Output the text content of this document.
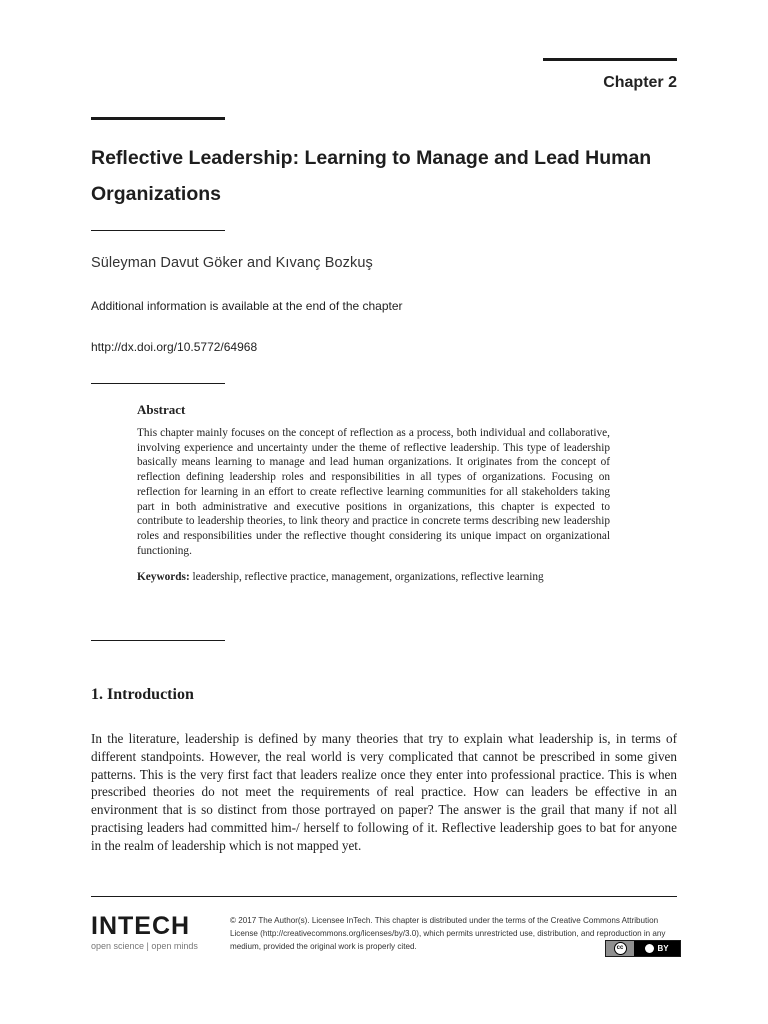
Chapter 2
Reflective Leadership: Learning to Manage and Lead Human Organizations
Süleyman Davut Göker and Kıvanç Bozkuş
Additional information is available at the end of the chapter
http://dx.doi.org/10.5772/64968
Abstract

This chapter mainly focuses on the concept of reflection as a process, both individual and collaborative, involving experience and uncertainty under the theme of reflective leadership. This type of leadership basically means learning to manage and lead human organizations. It originates from the concept of reflection defining leadership roles and responsibilities in all types of organizations. Focusing on reflection for learning in an effort to create reflective learning communities for all stakeholders taking part in both administrative and executive positions in organizations, this chapter is expected to contribute to leadership theories, to link theory and practice in concrete terms describing new leadership roles and responsibilities under the reflective thought considering its unique impact on organizational functioning.

Keywords: leadership, reflective practice, management, organizations, reflective learning

1. Introduction

In the literature, leadership is defined by many theories that try to explain what leadership is, in terms of different standpoints. However, the real world is very complicated that cannot be prescribed in some given patterns. This is the very first fact that leaders realize once they enter into professional practice. This is when prescribed theories do not meet the requirements of real practice. How can leaders be effective in an environment that is so distinct from those portrayed on paper? The answer is the grail that many if not all practising leaders had committed him-/ herself to following of it. Reflective leadership goes to bat for anyone in the realm of leadership which is not mapped yet.

INTECH
open science | open minds

© 2017 The Author(s). Licensee InTech. This chapter is distributed under the terms of the Creative Commons Attribution License (http://creativecommons.org/licenses/by/3.0), which permits unrestricted use, distribution, and reproduction in any medium, provided the original work is properly cited.	cc	BY
